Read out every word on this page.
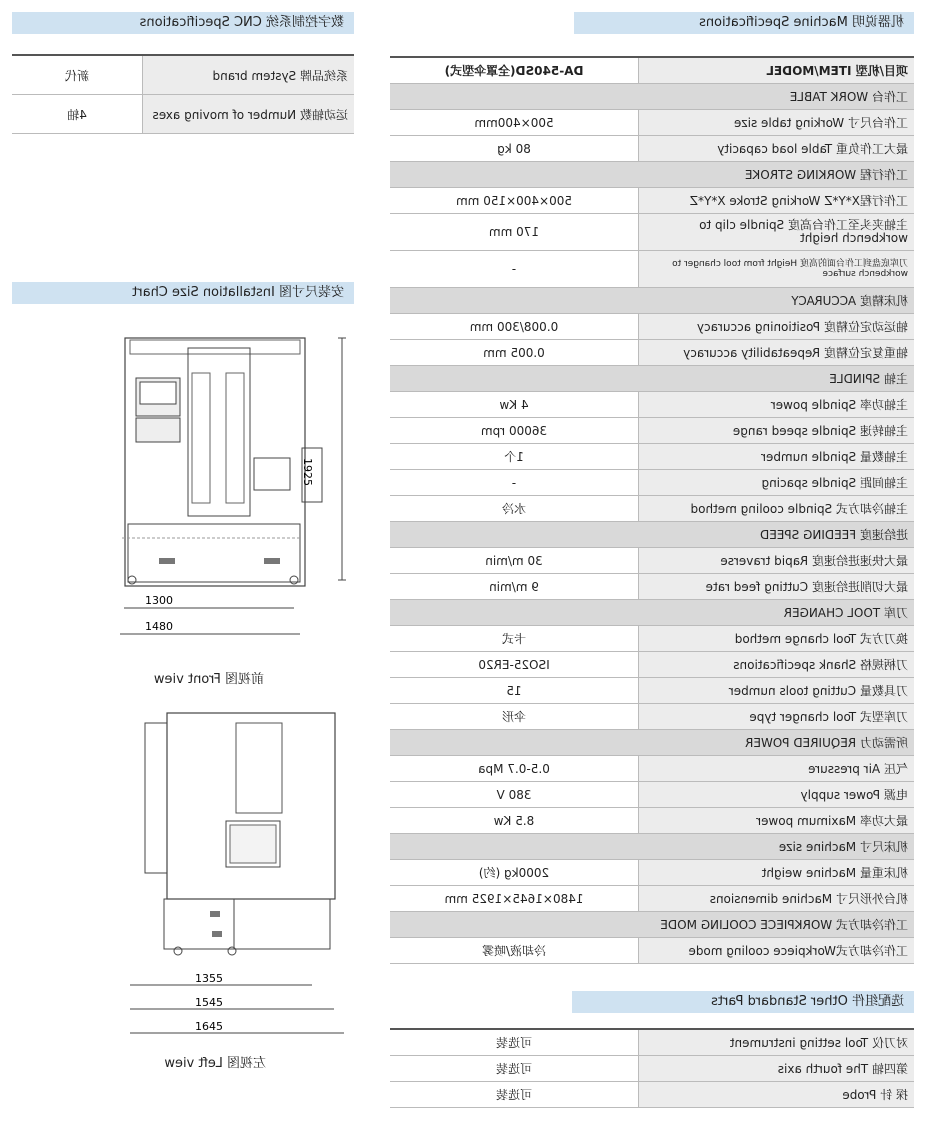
数字控制系统 CNC Specifications	机器说明 Machine Specifications
安装尺寸图 Installation Size Chart
选配组件 Other Standard Parts
新代	系统品牌 System brand

4轴	运动轴数 Number of moving axes
DA-540SD(全罩伞型式)	项目/机型 ITEM/MODEL

工作台 WORK TABLE	

500×400mm	工作台尺寸 Working table size

80 kg	最大工作负重 Table load capacity

工作行程 WORKING STROKE	

500×400×150 mm	工作行程X*Y*Z Working Stroke X*Y*Z

170 mm	主轴夹头至工作台高度 Spindle clip to workbench height

-	刀库底盘到工作台面的高度 Height from tool changer to workbench surface

机床精度 ACCURACY	

0.008/300 mm	轴运动定位精度 Positioning accuracy

0.005 mm	轴重复定位精度 Repeatability accuracy

主轴 SPINDLE	

4 Kw	主轴功率 Spindle power

36000 rpm	主轴转速 Spindle speed range

1个	主轴数量 Spindle number

-	主轴间距 Spindle spacing

水冷	主轴冷却方式 Spindle cooling method

进给速度 FEEDING SPEED	

30 m/min	最大快速进给速度 Rapid traverse

9 m/min	最大切削进给速度 Cutting feed rate

刀库 TOOL CHANGER	

卡式	换刀方式 Tool change method

ISO25-ER20	刀柄规格 Shank specifications

15	刀具数量 Cutting tools number

伞形	刀库型式 Tool changer type

所需动力 REQUIRED POWER	

0.5-0.7 Mpa	气压 Air pressure

380 V	电源 Power supply

8.5 Kw	最大功率 Maximum power

机床尺寸 Machine size	

2000kg (约)	机床重量 Machine weight

1480×1645×1925 mm	机台外形尺寸 Machine dimensions

工作冷却方式 WORKPIECE COOLING MODE	

冷却液/喷雾	工作冷却方式Workpiece cooling mode
可选装	对刀仪 Tool setting instrument

可选装	第四轴 The fourth axis

可选装	探 针 Probe
1925
1300
1480
前视图 Front view
1355
1545
1645
左视图 Left view
